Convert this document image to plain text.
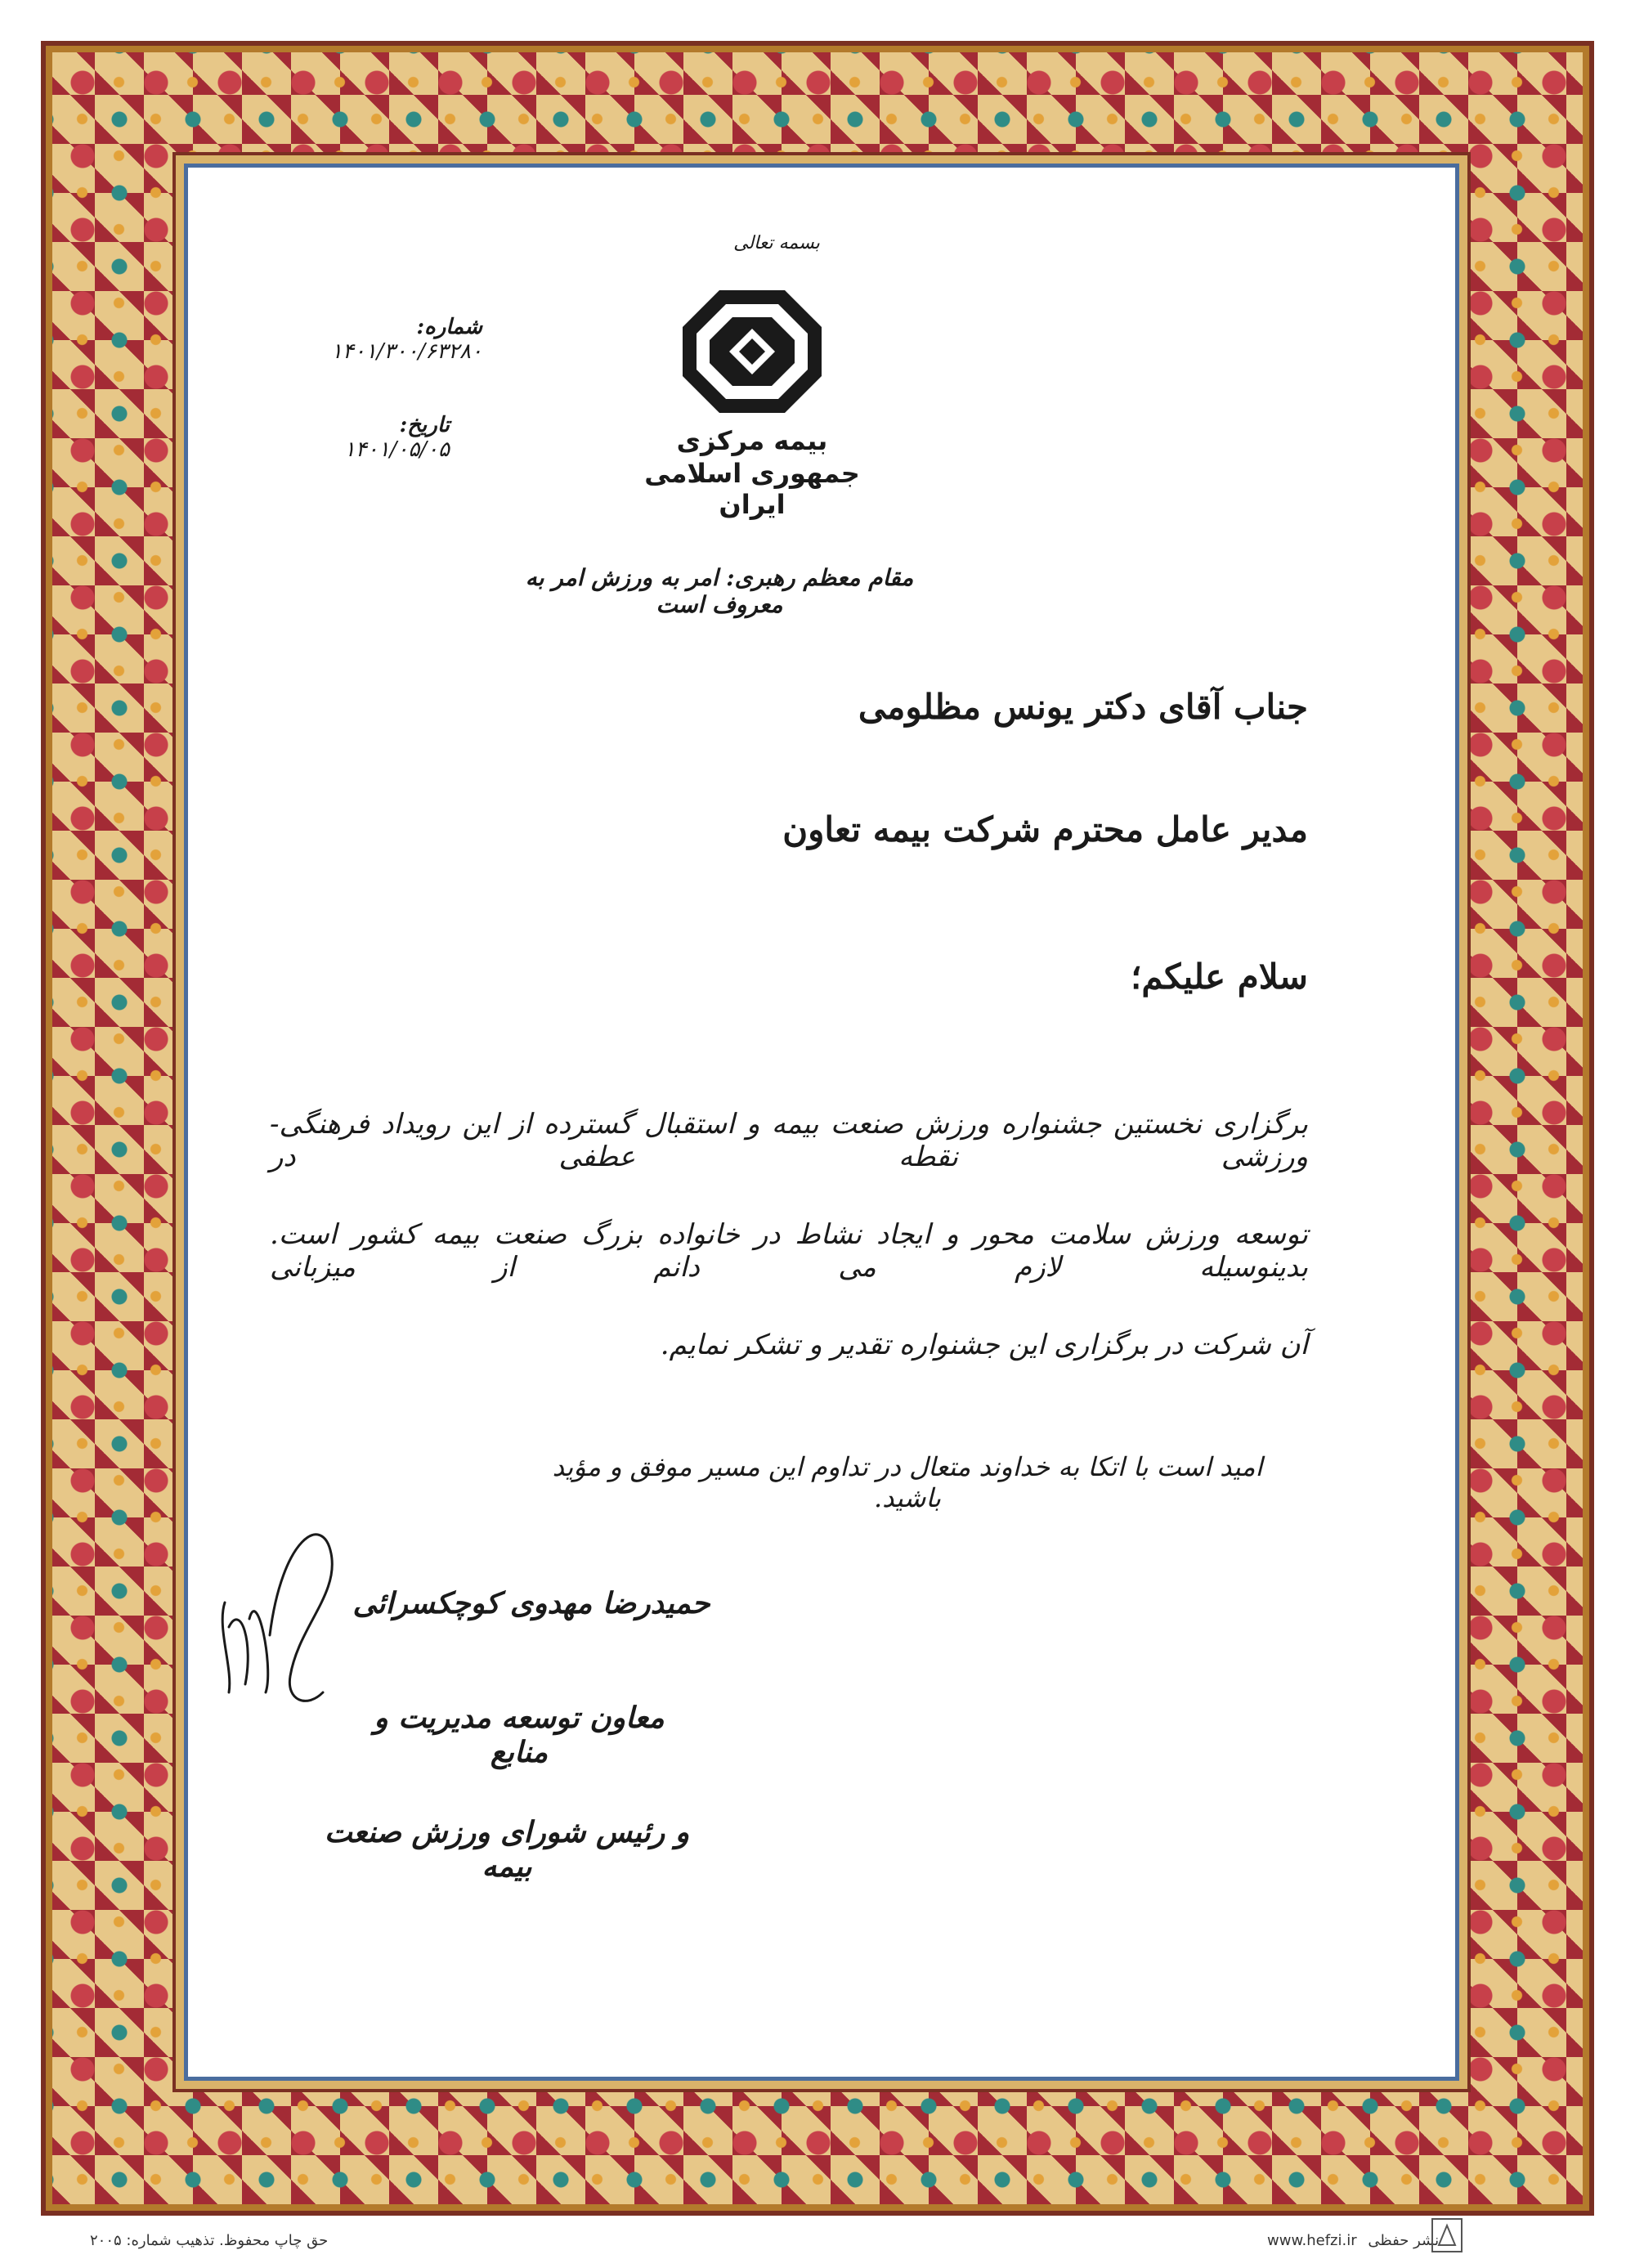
بسمه تعالی
بیمه مرکزی
جمهوری اسلامی ایران
شماره: ۱۴۰۱/۳۰۰/۶۳۲۸۰
تاریخ: ۱۴۰۱/۰۵/۰۵
مقام معظم رهبری: امر به ورزش امر به معروف است
جناب آقای دکتر یونس مظلومی
مدیر عامل محترم شرکت بیمه تعاون
سلام علیکم؛
برگزاری نخستین جشنواره ورزش صنعت بیمه و استقبال گسترده از این رویداد فرهنگی- ورزشی نقطه عطفی در
توسعه ورزش سلامت محور و ایجاد نشاط در خانواده بزرگ صنعت بیمه کشور است. بدینوسیله لازم می دانم از میزبانی
آن شرکت در برگزاری این جشنواره تقدیر و تشکر نمایم.
امید است با اتکا به خداوند متعال در تداوم این مسیر موفق و مؤید باشید.
حمیدرضا مهدوی کوچکسرائی
معاون توسعه مدیریت و منابع
و رئیس شورای ورزش صنعت بیمه
حق چاپ محفوظ. تذهیب شماره: ۲۰۰۵	www.hefzi.ir نشر حفظی
